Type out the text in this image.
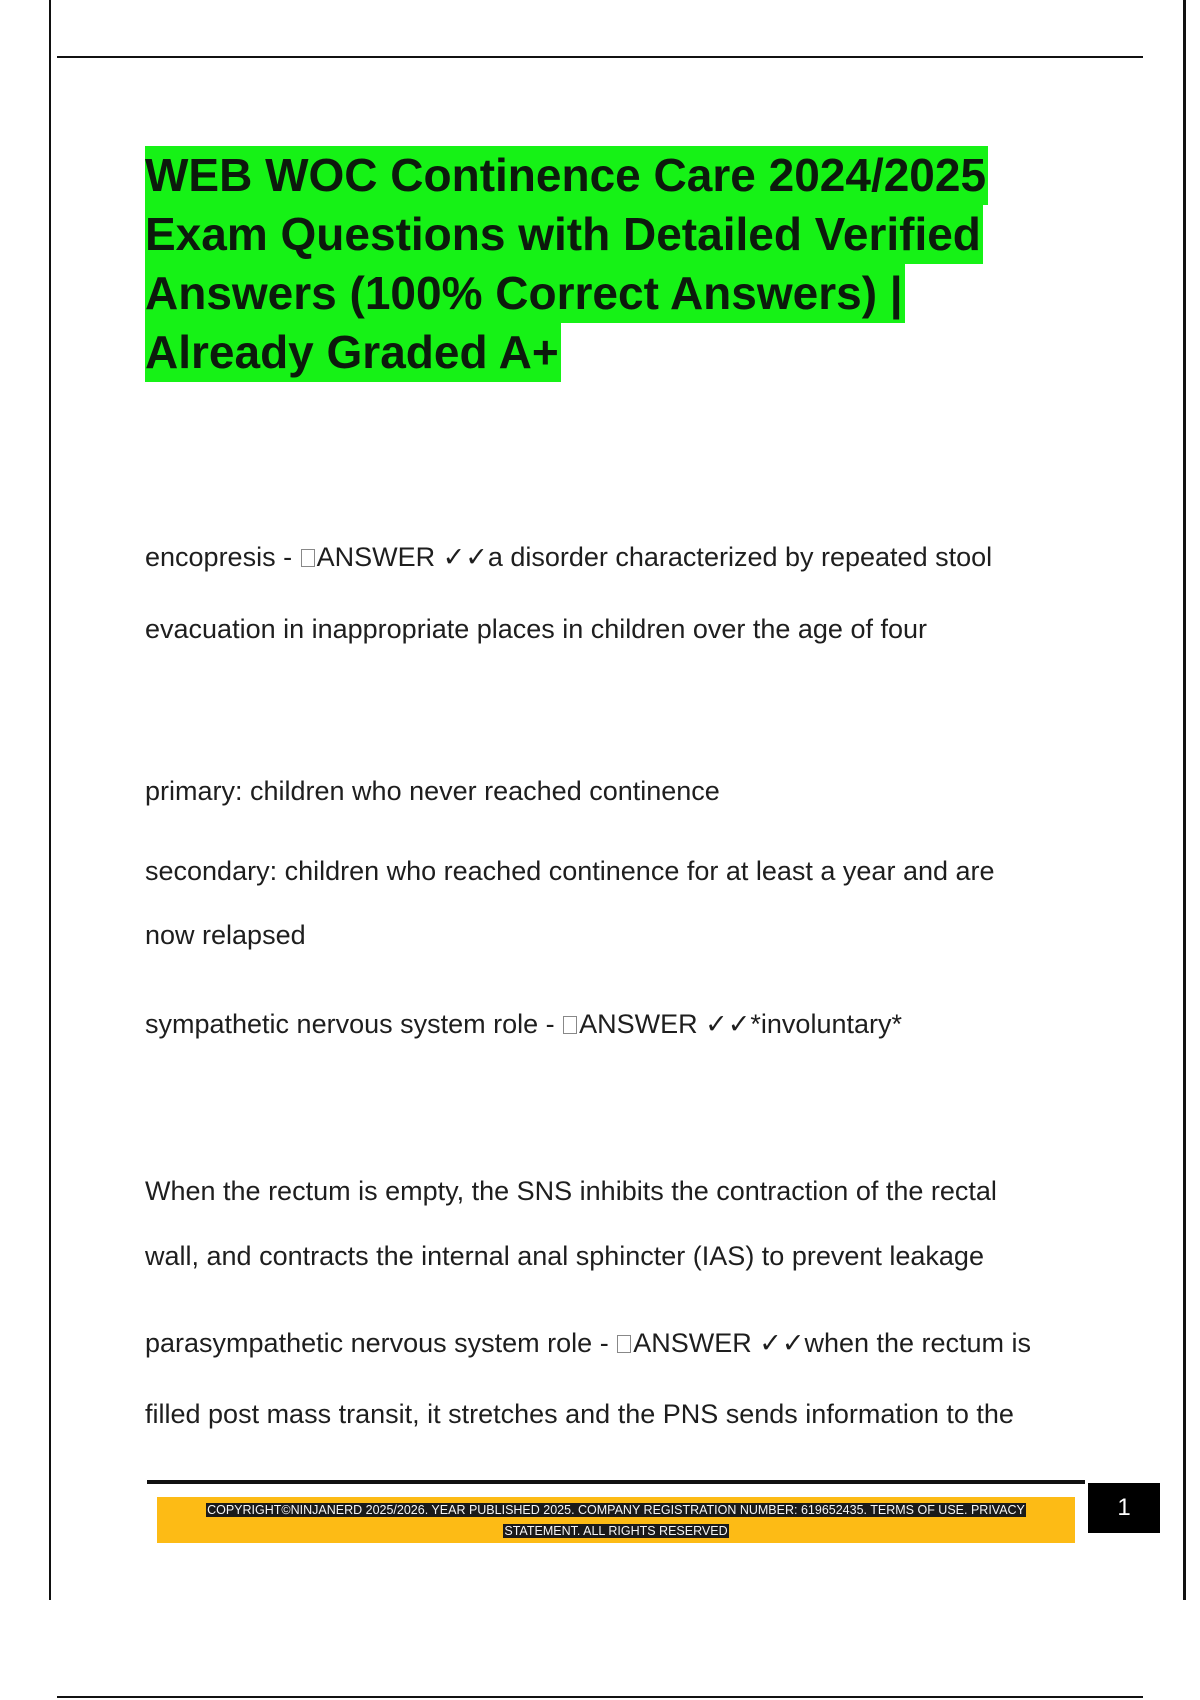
WEB WOC Continence Care 2024/2025
Exam Questions with Detailed Verified
Answers (100% Correct Answers) |
Already Graded A+
encopresis - ANSWER ✓✓a disorder characterized by repeated stool
evacuation in inappropriate places in children over the age of four
primary: children who never reached continence
secondary: children who reached continence for at least a year and are
now relapsed
sympathetic nervous system role - ANSWER ✓✓*involuntary*
When the rectum is empty, the SNS inhibits the contraction of the rectal
wall, and contracts the internal anal sphincter (IAS) to prevent leakage
parasympathetic nervous system role - ANSWER ✓✓when the rectum is
filled post mass transit, it stretches and the PNS sends information to the
COPYRIGHT©NINJANERD 2025/2026. YEAR PUBLISHED 2025. COMPANY REGISTRATION NUMBER: 619652435. TERMS OF USE. PRIVACY
STATEMENT. ALL RIGHTS RESERVED
1
